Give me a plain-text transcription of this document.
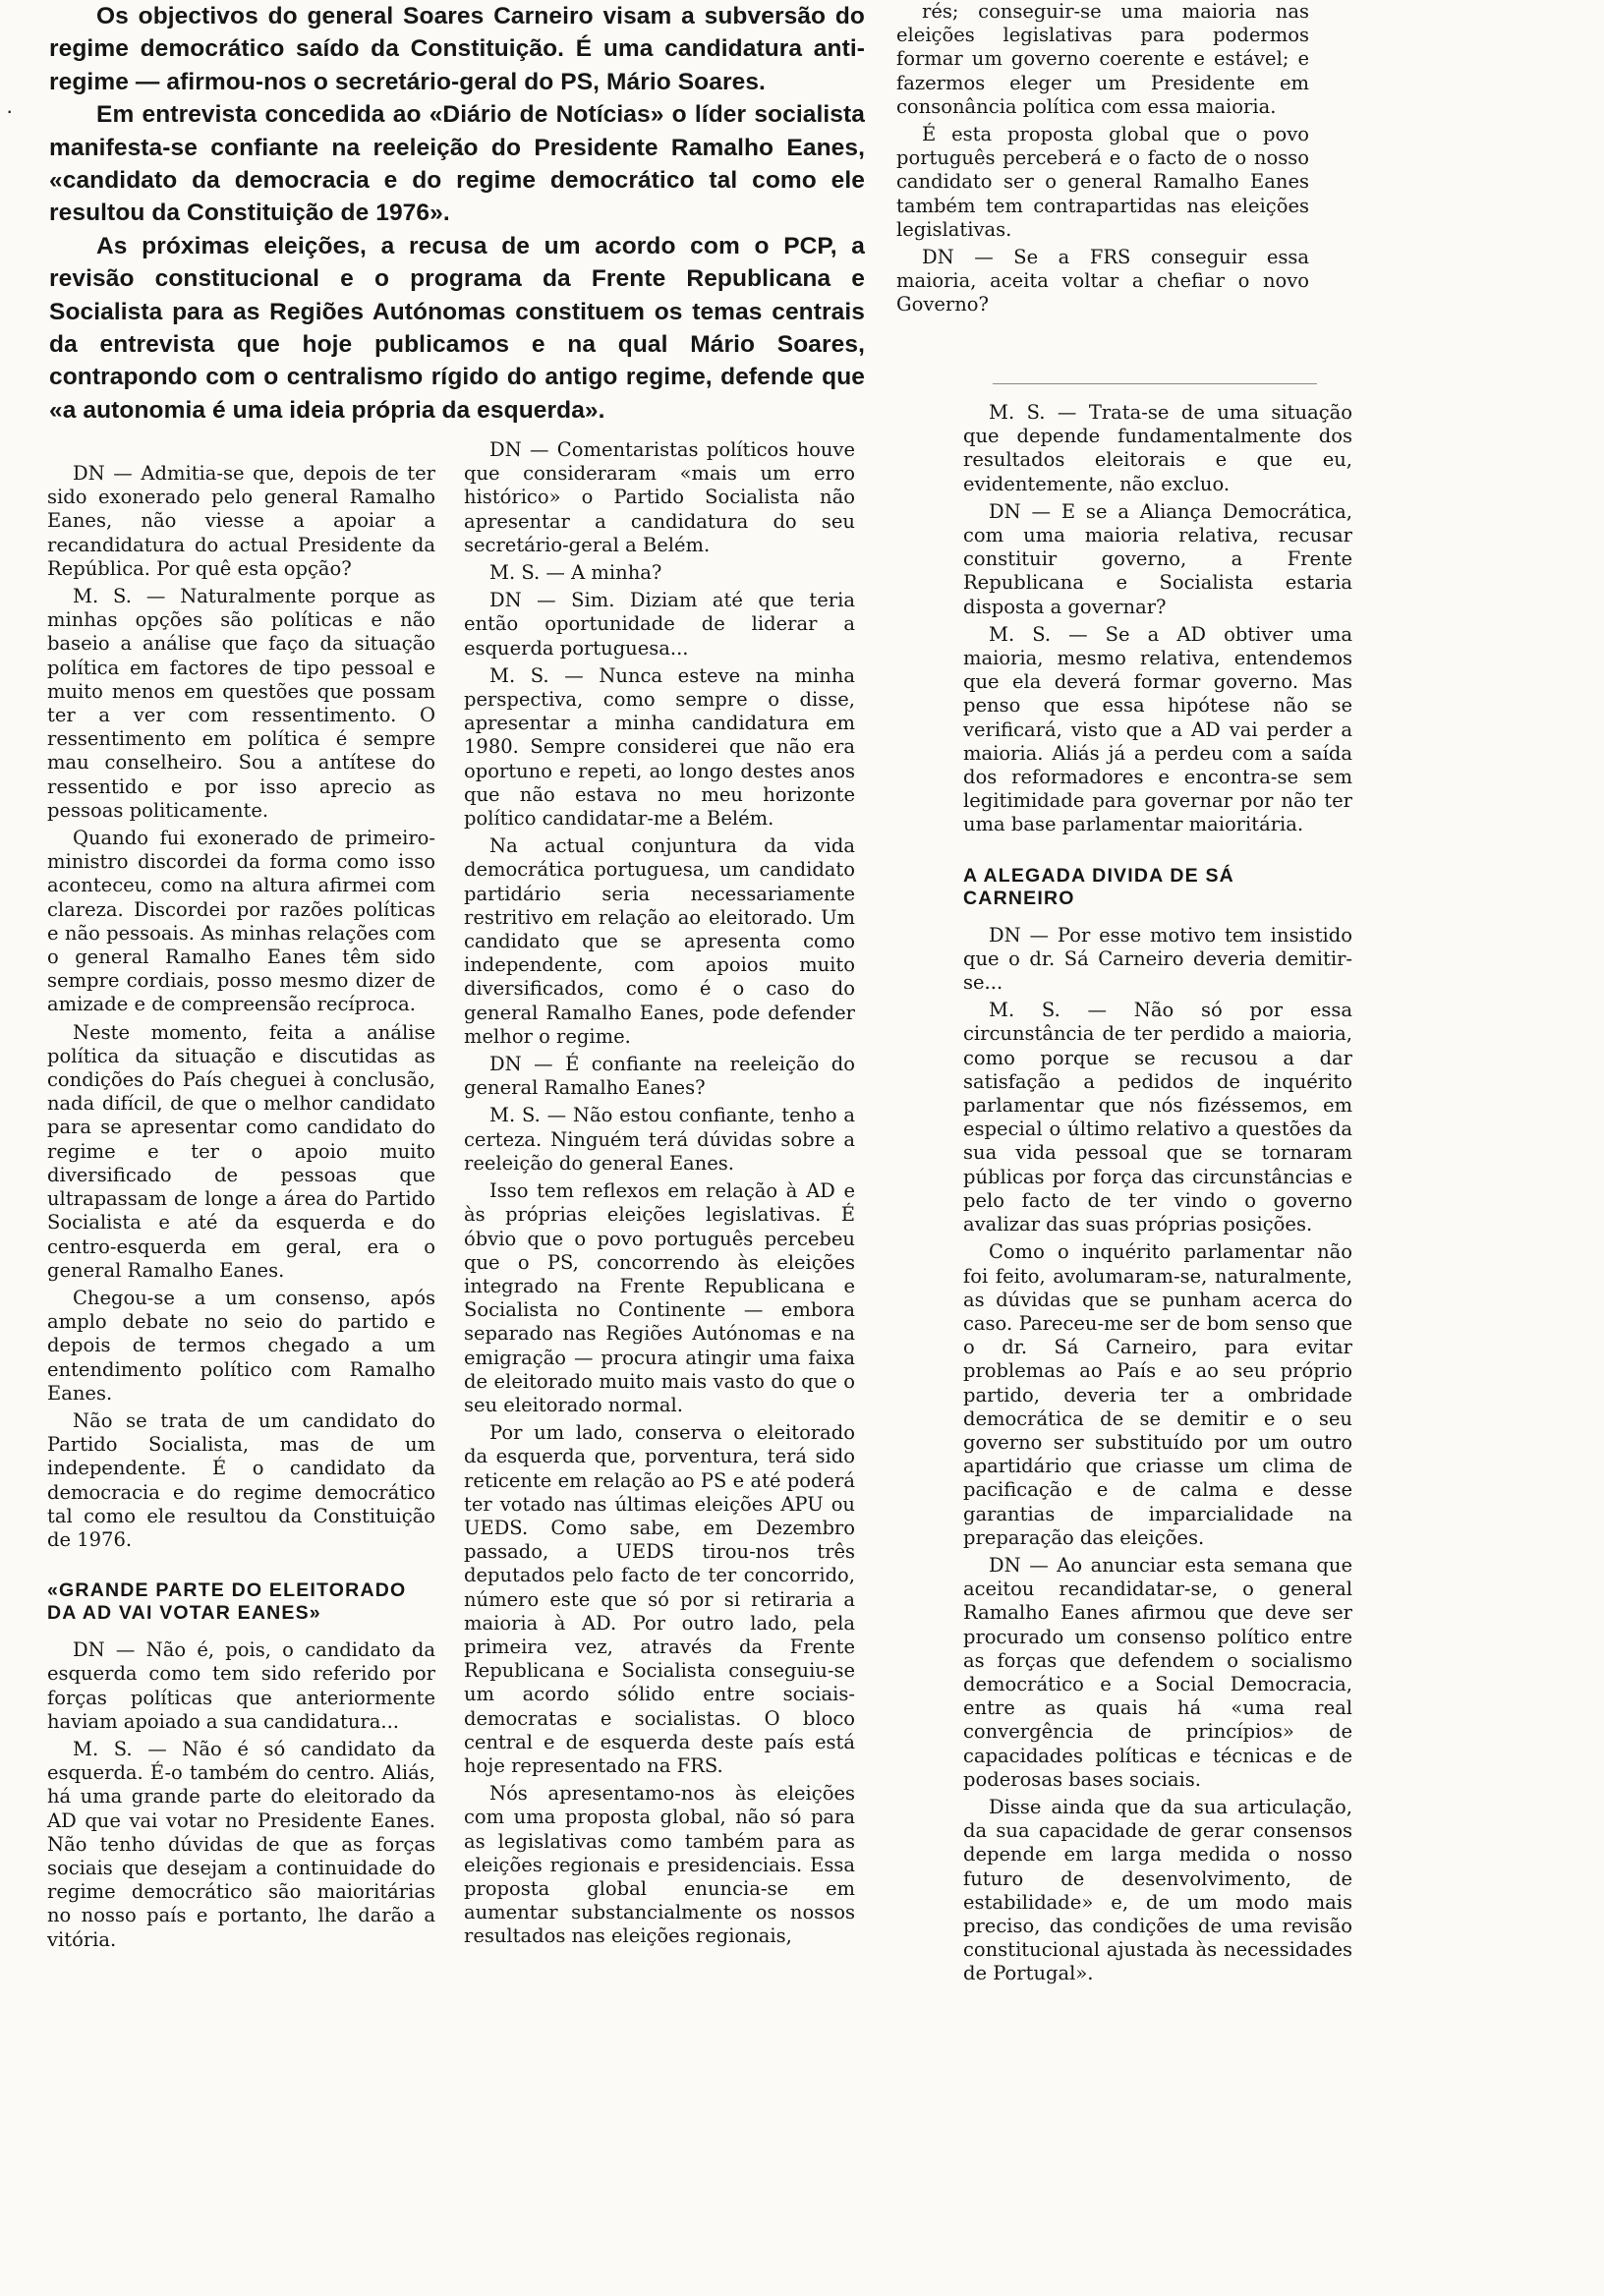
·

Os objectivos do general Soares Carneiro visam a subversão do regime democrático saído da Constituição. É uma candidatura anti-regime — afirmou-nos o secretário-geral do PS, Mário Soares.

Em entrevista concedida ao «Diário de Notícias» o líder socialista manifesta-se confiante na reeleição do Presidente Ramalho Eanes, «candidato da democracia e do regime democrático tal como ele resultou da Constituição de 1976».

As próximas eleições, a recusa de um acordo com o PCP, a revisão constitucional e o programa da Frente Republicana e Socialista para as Regiões Autónomas constituem os temas centrais da entrevista que hoje publicamos e na qual Mário Soares, contrapondo com o centralismo rígido do antigo regime, defende que «a autonomia é uma ideia própria da esquerda».

DN — Admitia-se que, depois de ter sido exonerado pelo general Ramalho Eanes, não viesse a apoiar a recandidatura do actual Presidente da República. Por quê esta opção?

M. S. — Naturalmente porque as minhas opções são políticas e não baseio a análise que faço da situação política em factores de tipo pessoal e muito menos em questões que possam ter a ver com ressentimento. O ressentimento em política é sempre mau conselheiro. Sou a antítese do ressentido e por isso aprecio as pessoas politicamente.

Quando fui exonerado de primeiro-ministro discordei da forma como isso aconteceu, como na altura afirmei com clareza. Discordei por razões políticas e não pessoais. As minhas relações com o general Ramalho Eanes têm sido sempre cordiais, posso mesmo dizer de amizade e de compreensão recíproca.

Neste momento, feita a análise política da situação e discutidas as condições do País cheguei à conclusão, nada difícil, de que o melhor candidato para se apresentar como candidato do regime e ter o apoio muito diversificado de pessoas que ultrapassam de longe a área do Partido Socialista e até da esquerda e do centro-esquerda em geral, era o general Ramalho Eanes.

Chegou-se a um consenso, após amplo debate no seio do partido e depois de termos chegado a um entendimento político com Ramalho Eanes.

Não se trata de um candidato do Partido Socialista, mas de um independente. É o candidato da democracia e do regime democrático tal como ele resultou da Constituição de 1976.

«GRANDE PARTE DO ELEITORADO DA AD VAI VOTAR EANES»

DN — Não é, pois, o candidato da esquerda como tem sido referido por forças políticas que anteriormente haviam apoiado a sua candidatura...

M. S. — Não é só candidato da esquerda. É-o também do centro. Aliás, há uma grande parte do eleitorado da AD que vai votar no Presidente Eanes. Não tenho dúvidas de que as forças sociais que desejam a continuidade do regime democrático são maioritárias no nosso país e portanto, lhe darão a vitória.

DN — Comentaristas políticos houve que consideraram «mais um erro histórico» o Partido Socialista não apresentar a candidatura do seu secretário-geral a Belém.

M. S. — A minha?

DN — Sim. Diziam até que teria então oportunidade de liderar a esquerda portuguesa...

M. S. — Nunca esteve na minha perspectiva, como sempre o disse, apresentar a minha candidatura em 1980. Sempre considerei que não era oportuno e repeti, ao longo destes anos que não estava no meu horizonte político candidatar-me a Belém.

Na actual conjuntura da vida democrática portuguesa, um candidato partidário seria necessariamente restritivo em relação ao eleitorado. Um candidato que se apresenta como independente, com apoios muito diversificados, como é o caso do general Ramalho Eanes, pode defender melhor o regime.

DN — É confiante na reeleição do general Ramalho Eanes?

M. S. — Não estou confiante, tenho a certeza. Ninguém terá dúvidas sobre a reeleição do general Eanes.

Isso tem reflexos em relação à AD e às próprias eleições legislativas. É óbvio que o povo português percebeu que o PS, concorrendo às eleições integrado na Frente Republicana e Socialista no Continente — embora separado nas Regiões Autónomas e na emigração — procura atingir uma faixa de eleitorado muito mais vasto do que o seu eleitorado normal.

Por um lado, conserva o eleitorado da esquerda que, porventura, terá sido reticente em relação ao PS e até poderá ter votado nas últimas eleições APU ou UEDS. Como sabe, em Dezembro passado, a UEDS tirou-nos três deputados pelo facto de ter concorrido, número este que só por si retiraria a maioria à AD. Por outro lado, pela primeira vez, através da Frente Republicana e Socialista conseguiu-se um acordo sólido entre sociais-democratas e socialistas. O bloco central e de esquerda deste país está hoje representado na FRS.

Nós apresentamo-nos às eleições com uma proposta global, não só para as legislativas como também para as eleições regionais e presidenciais. Essa proposta global enuncia-se em aumentar substancialmente os nossos resultados nas eleições regionais,

rés; conseguir-se uma maioria nas eleições legislativas para podermos formar um governo coerente e estável; e fazermos eleger um Presidente em consonância política com essa maioria.

É esta proposta global que o povo português perceberá e o facto de o nosso candidato ser o general Ramalho Eanes também tem contrapartidas nas eleições legislativas.

DN — Se a FRS conseguir essa maioria, aceita voltar a chefiar o novo Governo?

M. S. — Trata-se de uma situação que depende fundamentalmente dos resultados eleitorais e que eu, evidentemente, não excluo.

DN — E se a Aliança Democrática, com uma maioria relativa, recusar constituir governo, a Frente Republicana e Socialista estaria disposta a governar?

M. S. — Se a AD obtiver uma maioria, mesmo relativa, entendemos que ela deverá formar governo. Mas penso que essa hipótese não se verificará, visto que a AD vai perder a maioria. Aliás já a perdeu com a saída dos reformadores e encontra-se sem legitimidade para governar por não ter uma base parlamentar maioritária.

A ALEGADA DIVIDA DE SÁ CARNEIRO

DN — Por esse motivo tem insistido que o dr. Sá Carneiro deveria demitir-se...

M. S. — Não só por essa circunstância de ter perdido a maioria, como porque se recusou a dar satisfação a pedidos de inquérito parlamentar que nós fizéssemos, em especial o último relativo a questões da sua vida pessoal que se tornaram públicas por força das circunstâncias e pelo facto de ter vindo o governo avalizar das suas próprias posições.

Como o inquérito parlamentar não foi feito, avolumaram-se, naturalmente, as dúvidas que se punham acerca do caso. Pareceu-me ser de bom senso que o dr. Sá Carneiro, para evitar problemas ao País e ao seu próprio partido, deveria ter a ombridade democrática de se demitir e o seu governo ser substituído por um outro apartidário que criasse um clima de pacificação e de calma e desse garantias de imparcialidade na preparação das eleições.

DN — Ao anunciar esta semana que aceitou recandidatar-se, o general Ramalho Eanes afirmou que deve ser procurado um consenso político entre as forças que defendem o socialismo democrático e a Social Democracia, entre as quais há «uma real convergência de princípios» de capacidades políticas e técnicas e de poderosas bases sociais.

Disse ainda que da sua articulação, da sua capacidade de gerar consensos depende em larga medida o nosso futuro de desenvolvimento, de estabilidade» e, de um modo mais preciso, das condições de uma revisão constitucional ajustada às necessidades de Portugal».
